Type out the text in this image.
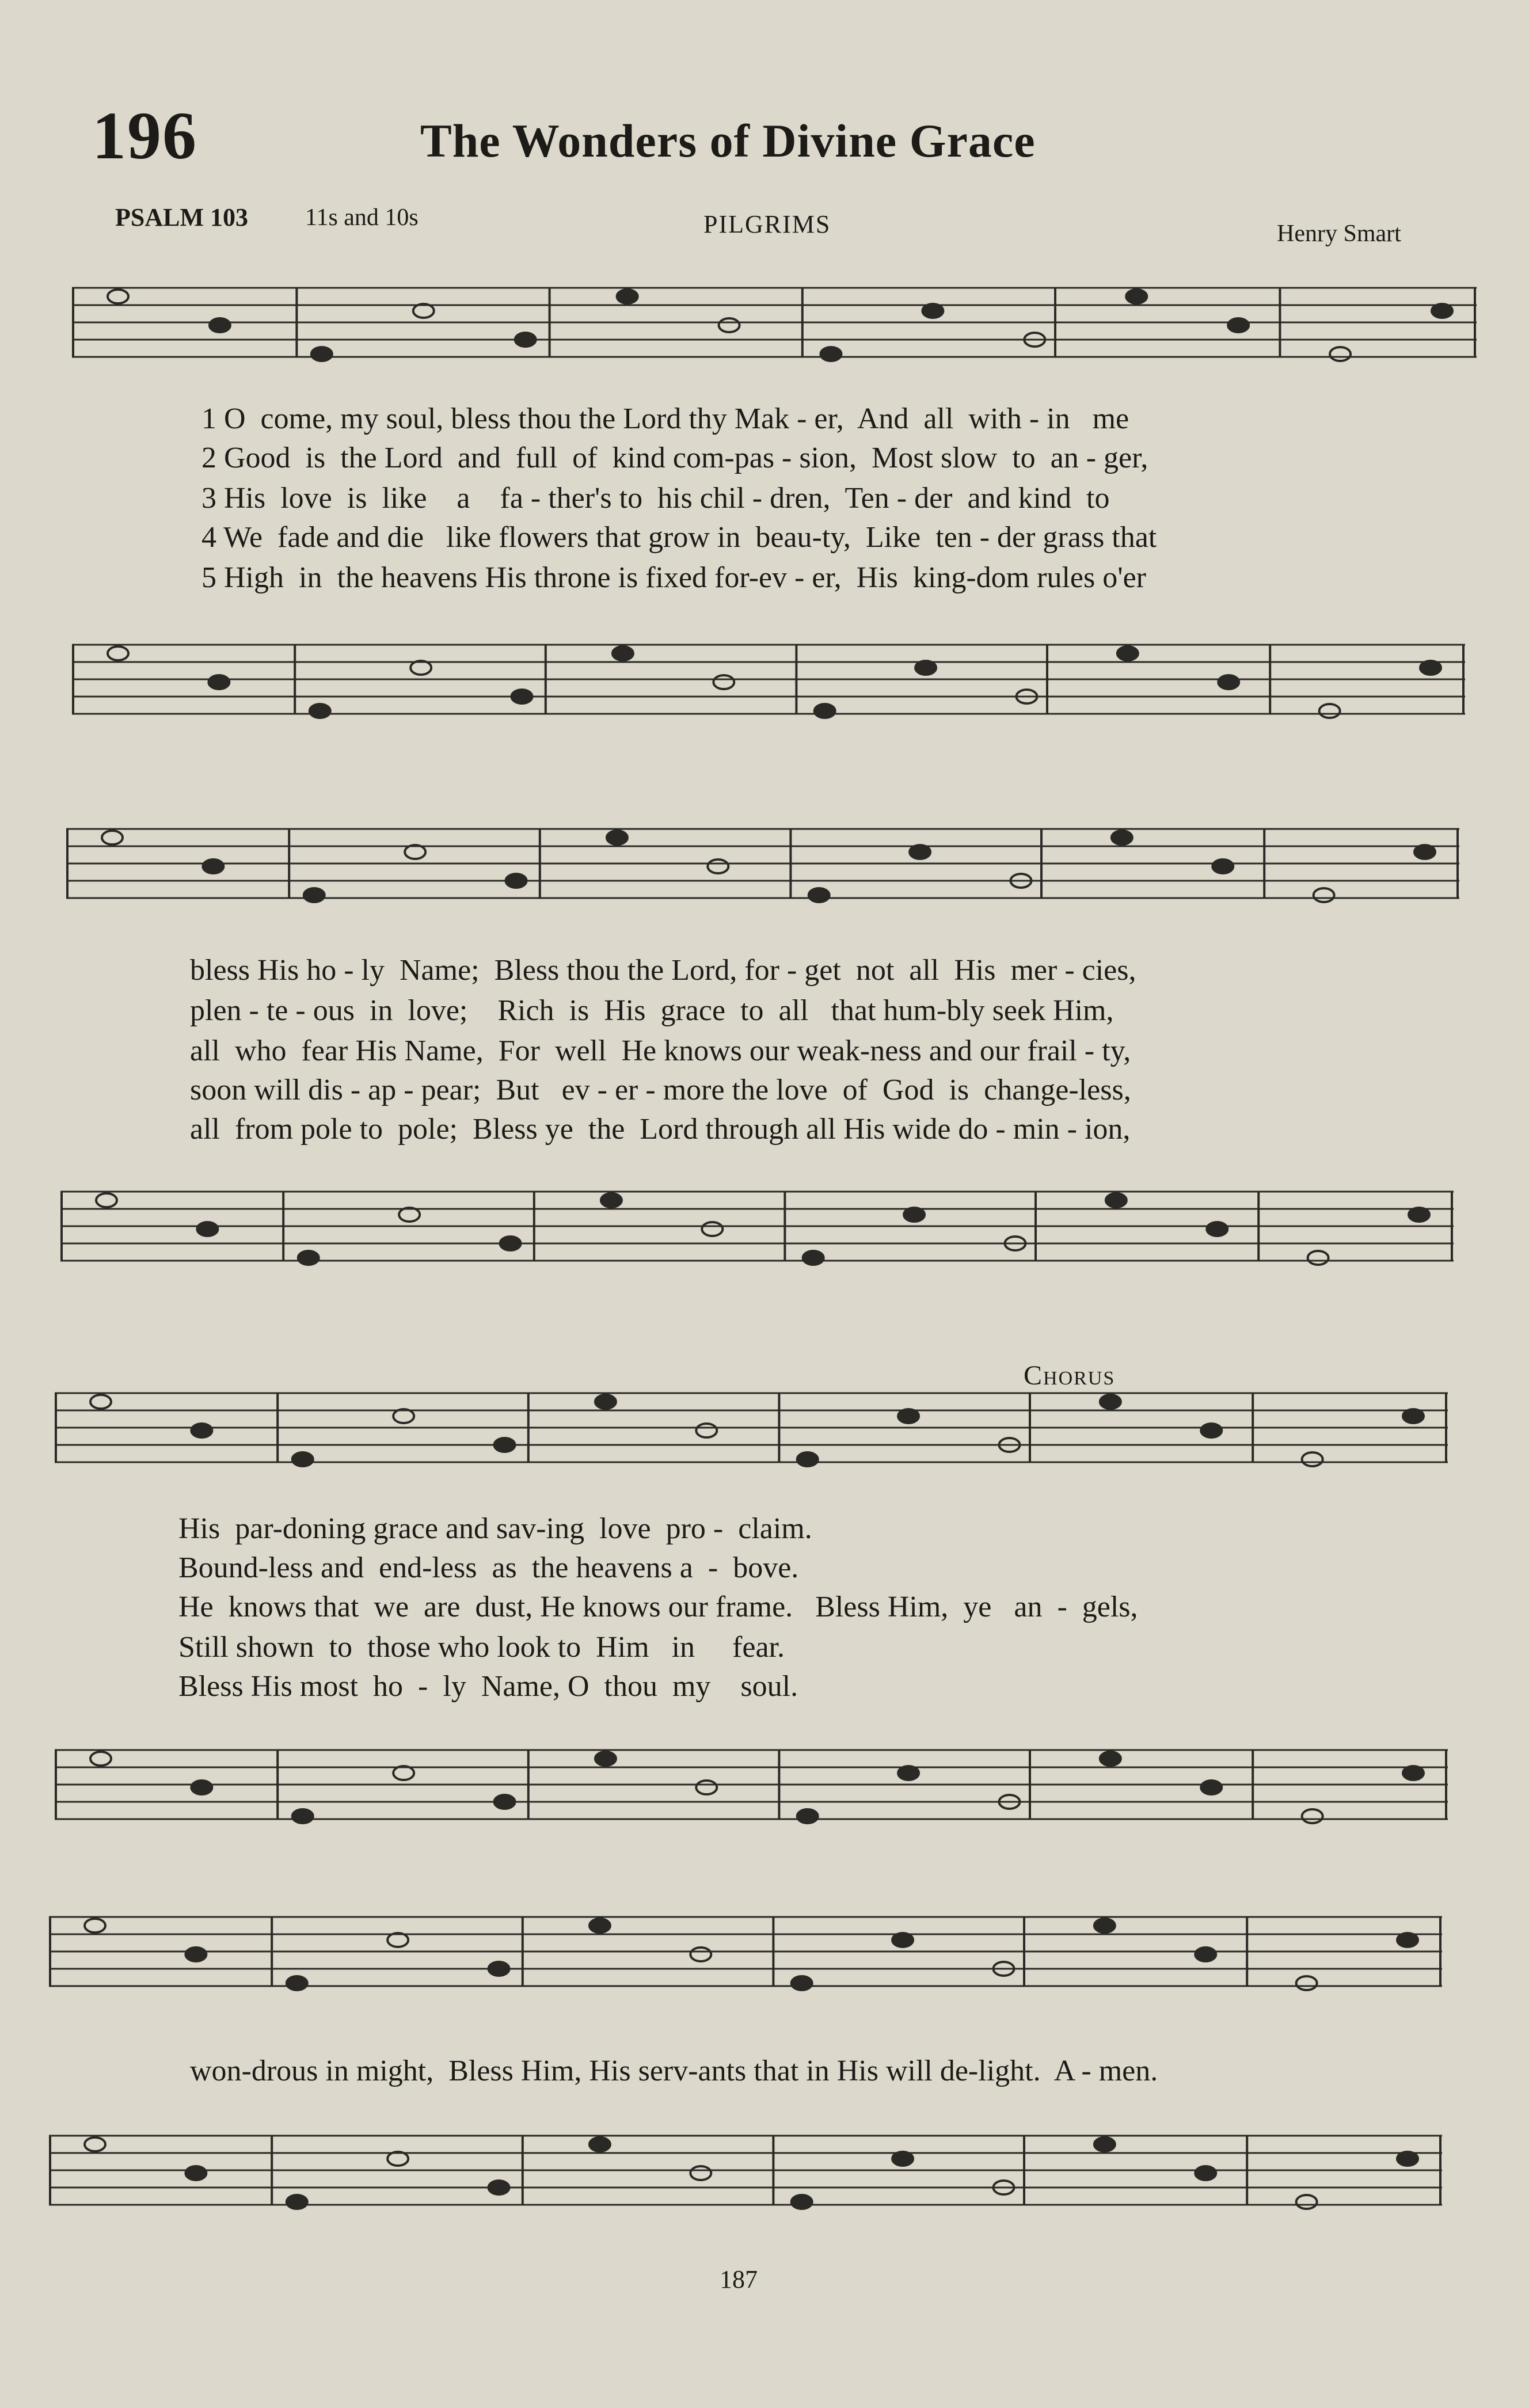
196	The Wonders of Divine Grace
PSALM 103 11s and 10s	PILGRIMS	Henry Smart
1 O  come, my soul, bless thou the Lord thy Mak - er,  And  all  with - in   me
2 Good  is  the Lord  and  full  of  kind com-pas - sion,  Most slow  to  an - ger,
3 His  love  is  like    a    fa - ther's to  his chil - dren,  Ten - der  and kind  to
4 We  fade and die   like flowers that grow in  beau-ty,  Like  ten - der grass that
5 High  in  the heavens His throne is fixed for-ev - er,  His  king-dom rules o'er
bless His ho - ly  Name;  Bless thou the Lord, for - get  not  all  His  mer - cies,
plen - te - ous  in  love;    Rich  is  His  grace  to  all   that hum-bly seek Him,
all  who  fear His Name,  For  well  He knows our weak-ness and our frail - ty,
soon will dis - ap - pear;  But   ev - er - more the love  of  God  is  change-less,
all  from pole to  pole;  Bless ye  the  Lord through all His wide do - min - ion,
Chorus
His  par-doning grace and sav-ing  love  pro -  claim.
Bound-less and  end-less  as  the heavens a  -  bove.
He  knows that  we  are  dust, He knows our frame.   Bless Him,  ye   an  -  gels,
Still shown  to  those who look to  Him   in     fear.
Bless His most  ho  -  ly  Name, O  thou  my    soul.
won-drous in might,  Bless Him, His serv-ants that in His will de-light.  A - men.
187
